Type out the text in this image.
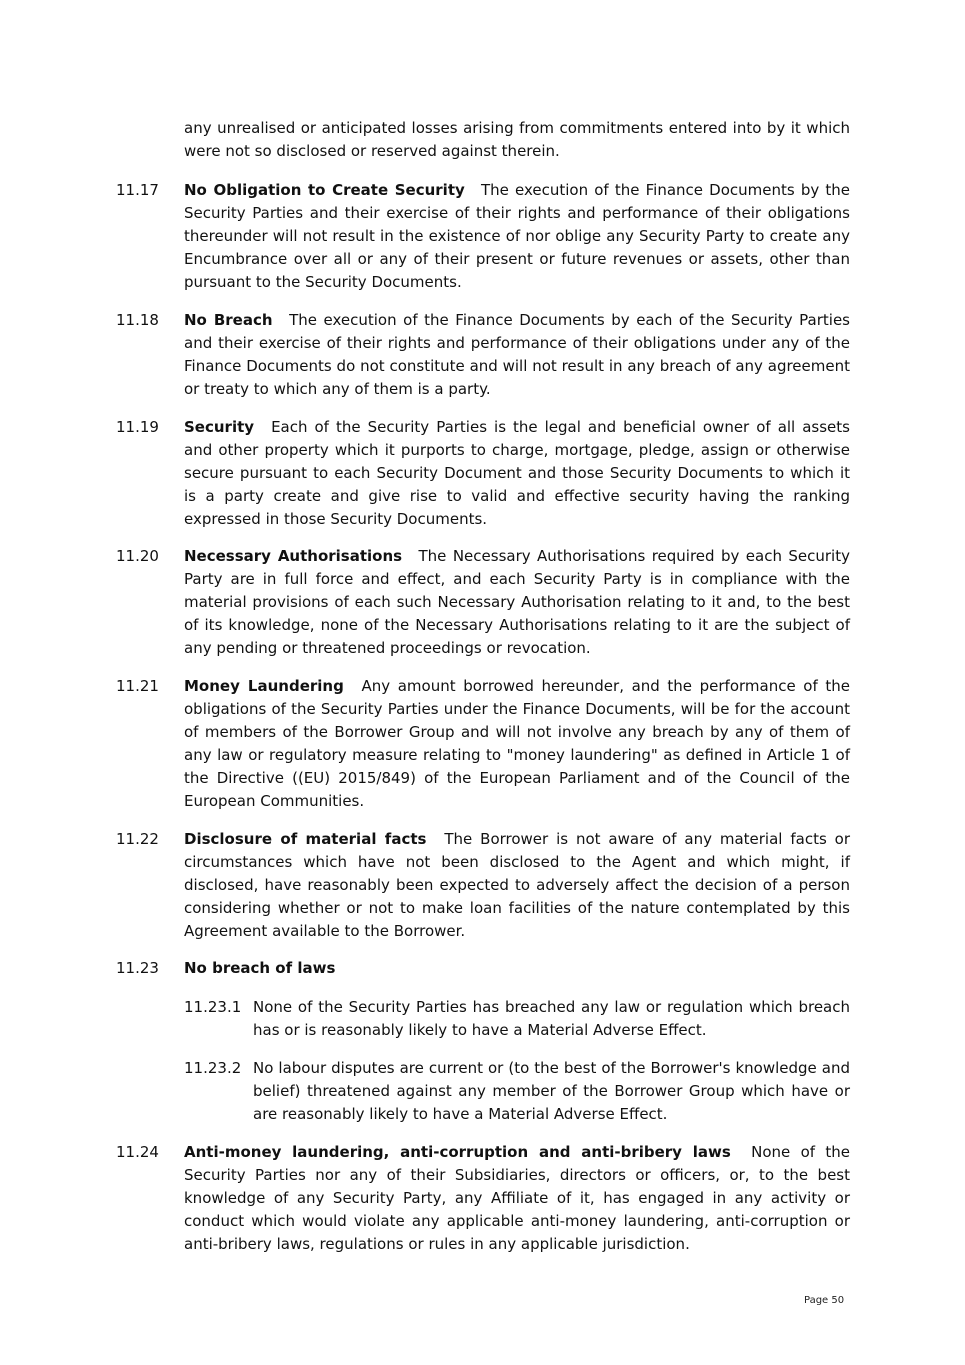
any unrealised or anticipated losses arising from commitments entered into by it which were not so disclosed or reserved against therein.

11.17	No Obligation to Create Security The execution of the Finance Documents by the Security Parties and their exercise of their rights and performance of their obligations thereunder will not result in the existence of nor oblige any Security Party to create any Encumbrance over all or any of their present or future revenues or assets, other than pursuant to the Security Documents.
11.18	No Breach The execution of the Finance Documents by each of the Security Parties and their exercise of their rights and performance of their obligations under any of the Finance Documents do not constitute and will not result in any breach of any agreement or treaty to which any of them is a party.
11.19	Security Each of the Security Parties is the legal and beneficial owner of all assets and other property which it purports to charge, mortgage, pledge, assign or otherwise secure pursuant to each Security Document and those Security Documents to which it is a party create and give rise to valid and effective security having the ranking expressed in those Security Documents.
11.20	Necessary Authorisations The Necessary Authorisations required by each Security Party are in full force and effect, and each Security Party is in compliance with the material provisions of each such Necessary Authorisation relating to it and, to the best of its knowledge, none of the Necessary Authorisations relating to it are the subject of any pending or threatened proceedings or revocation.
11.21	Money Laundering Any amount borrowed hereunder, and the performance of the obligations of the Security Parties under the Finance Documents, will be for the account of members of the Borrower Group and will not involve any breach by any of them of any law or regulatory measure relating to "money laundering" as defined in Article 1 of the Directive ((EU) 2015/849) of the European Parliament and of the Council of the European Communities.
11.22	Disclosure of material facts The Borrower is not aware of any material facts or circumstances which have not been disclosed to the Agent and which might, if disclosed, have reasonably been expected to adversely affect the decision of a person considering whether or not to make loan facilities of the nature contemplated by this Agreement available to the Borrower.
11.23	No breach of laws
11.23.1 None of the Security Parties has breached any law or regulation which breach has or is reasonably likely to have a Material Adverse Effect.
11.23.2 No labour disputes are current or (to the best of the Borrower's knowledge and belief) threatened against any member of the Borrower Group which have or are reasonably likely to have a Material Adverse Effect.
11.24	Anti-money laundering, anti-corruption and anti-bribery laws None of the Security Parties nor any of their Subsidiaries, directors or officers, or, to the best knowledge of any Security Party, any Affiliate of it, has engaged in any activity or conduct which would violate any applicable anti-money laundering, anti-corruption or anti-bribery laws, regulations or rules in any applicable jurisdiction.
Page 50
